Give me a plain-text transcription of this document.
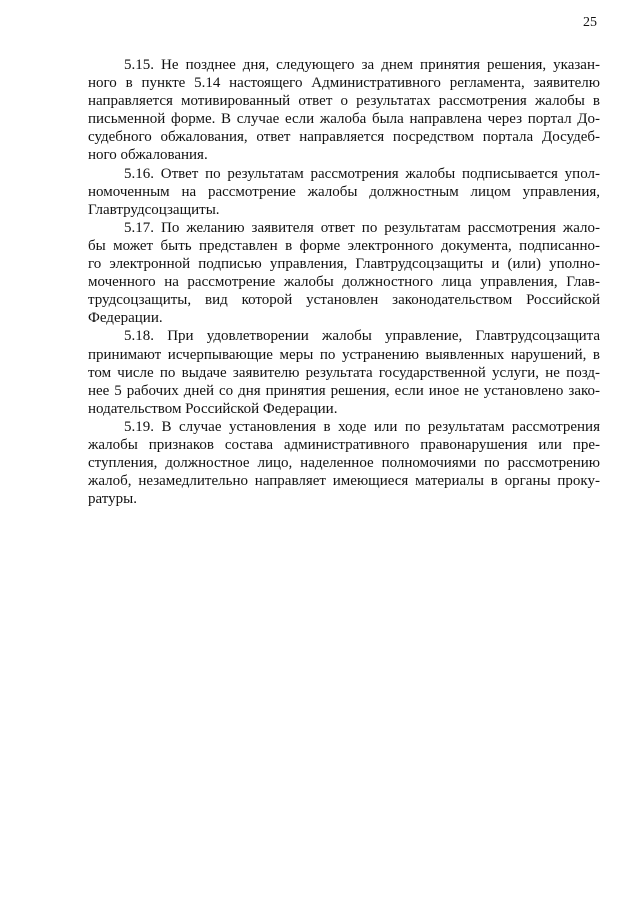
25
5.15. Не позднее дня, следующего за днем принятия решения, указан-
ного в пункте 5.14 настоящего Административного регламента, заявителю
направляется мотивированный ответ о результатах рассмотрения жалобы в
письменной форме. В случае если жалоба была направлена через портал До-
судебного обжалования, ответ направляется посредством портала Досудеб-
ного обжалования.
5.16. Ответ по результатам рассмотрения жалобы подписывается упол-
номоченным на рассмотрение жалобы должностным лицом управления,
Главтрудсоцзащиты.
5.17. По желанию заявителя ответ по результатам рассмотрения жало-
бы может быть представлен в форме электронного документа, подписанно-
го электронной подписью управления, Главтрудсоцзащиты и (или) уполно-
моченного на рассмотрение жалобы должностного лица управления, Глав-
трудсоцзащиты, вид которой установлен законодательством Российской
Федерации.
5.18. При удовлетворении жалобы управление, Главтрудсоцзащита
принимают исчерпывающие меры по устранению выявленных нарушений, в
том числе по выдаче заявителю результата государственной услуги, не позд-
нее 5 рабочих дней со дня принятия решения, если иное не установлено зако-
нодательством Российской Федерации.
5.19. В случае установления в ходе или по результатам рассмотрения
жалобы признаков состава административного правонарушения или пре-
ступления, должностное лицо, наделенное полномочиями по рассмотрению
жалоб, незамедлительно направляет имеющиеся материалы в органы проку-
ратуры.
